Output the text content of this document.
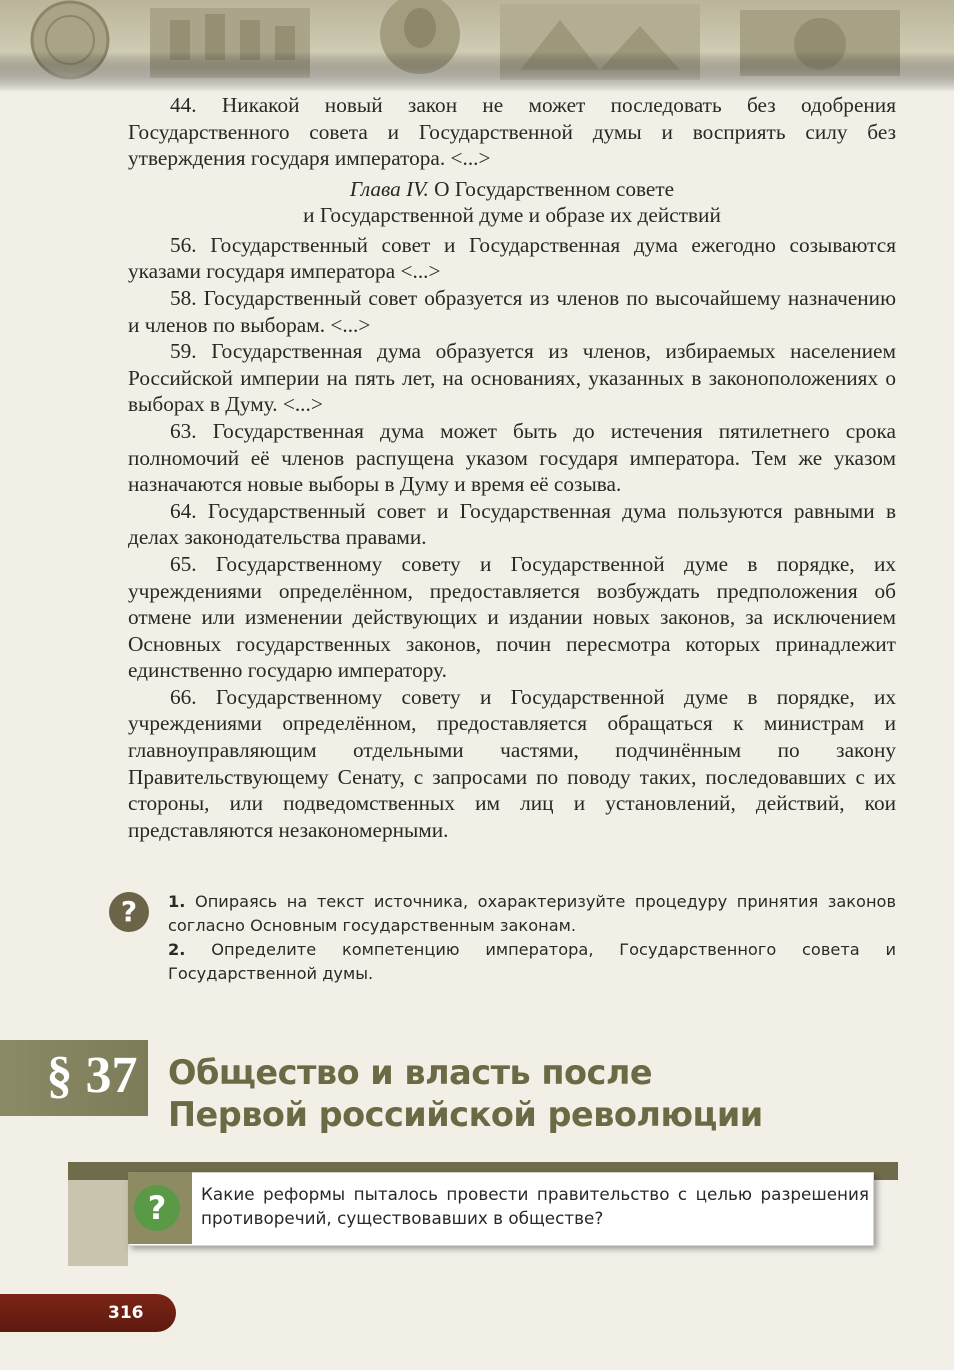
44. Никакой новый закон не может последовать без одобрения Государственного совета и Государственной думы и восприять силу без утверждения государя императора. <...>

Глава IV. О Государственном совете
и Государственной думе и образе их действий

56. Государственный совет и Государственная дума ежегодно созываются указами государя императора <...>

58. Государственный совет образуется из членов по высочайшему назначению и членов по выборам. <...>

59. Государственная дума образуется из членов, избираемых населением Российской империи на пять лет, на основаниях, указанных в законоположениях о выборах в Думу. <...>

63. Государственная дума может быть до истечения пятилетнего срока полномочий её членов распущена указом государя императора. Тем же указом назначаются новые выборы в Думу и время её созыва.

64. Государственный совет и Государственная дума пользуются равными в делах законодательства правами.

65. Государственному совету и Государственной думе в порядке, их учреждениями определённом, предоставляется возбуждать предположения об отмене или изменении действующих и издании новых законов, за исключением Основных государственных законов, почин пересмотра которых принадлежит единственно государю императору.

66. Государственному совету и Государственной думе в порядке, их учреждениями определённом, предоставляется обращаться к министрам и главноуправляющим отдельными частями, подчинённым по закону Правительствующему Сенату, с запросами по поводу таких, последовавших с их стороны, или подведомственных им лиц и установлений, действий, кои представляются незакономерными.

?	1. Опираясь на текст источника, охарактеризуйте процедуру принятия законов согласно Основным государственным законам.

2. Определите компетенцию императора, Государственного совета и Государственной думы.

§ 37 Общество и власть после
Первой российской революции
?	Какие реформы пыталось провести правительство с целью разрешения противоречий, существовавших в обществе?
316
